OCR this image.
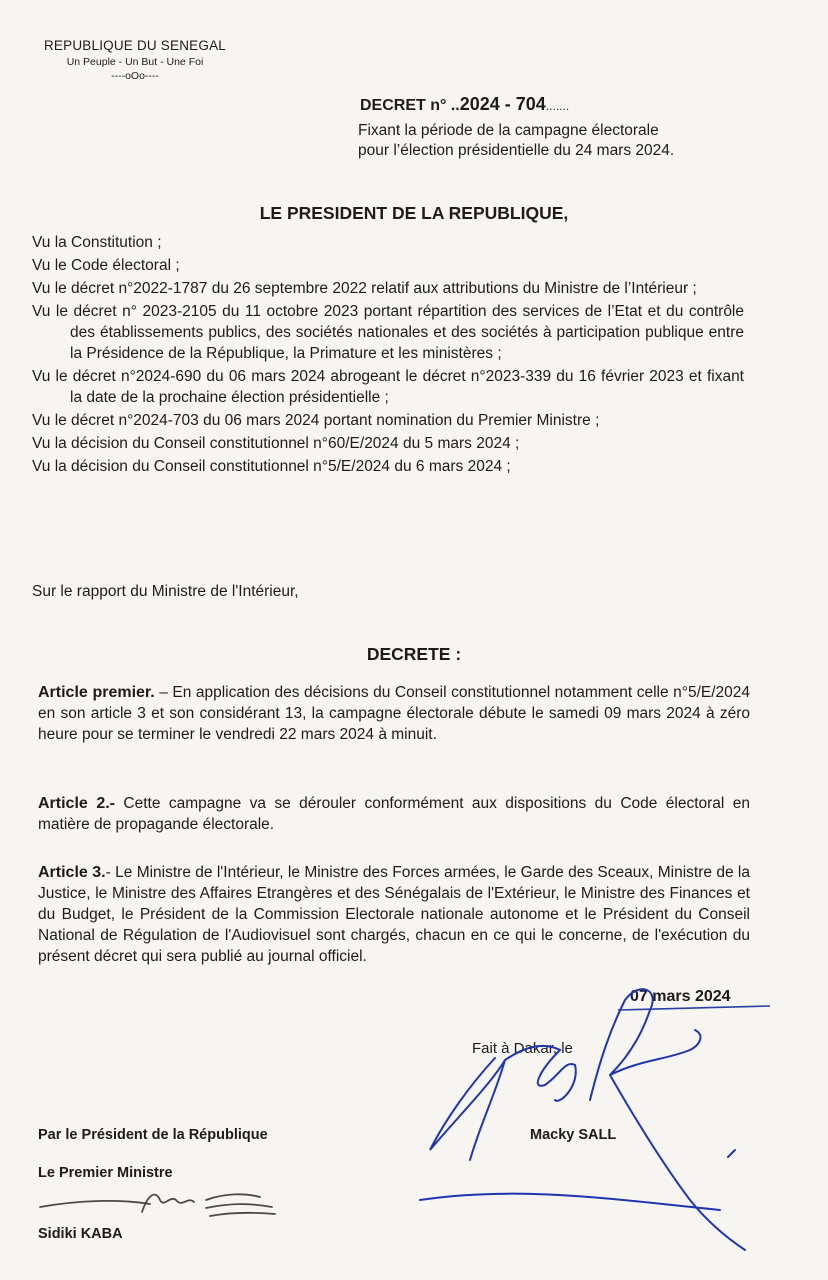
REPUBLIQUE DU SENEGAL
Un Peuple - Un But - Une Foi
----oOo----
DECRET n° ..2024 - 704.......
Fixant la période de la campagne électorale
pour l’élection présidentielle du 24 mars 2024.
LE PRESIDENT DE LA REPUBLIQUE,

Vu la Constitution ;

Vu le Code électoral ;

Vu le décret n°2022-1787 du 26 septembre 2022 relatif aux attributions du Ministre de l’Intérieur ;

Vu le décret n° 2023-2105 du 11 octobre 2023 portant répartition des services de l’Etat et du contrôle des établissements publics, des sociétés nationales et des sociétés à participation publique entre la Présidence de la République, la Primature et les ministères ;

Vu le décret n°2024-690 du 06 mars 2024 abrogeant le décret n°2023-339 du 16 février 2023 et fixant la date de la prochaine élection présidentielle ;

Vu le décret n°2024-703 du 06 mars 2024 portant nomination du Premier Ministre ;

Vu la décision du Conseil constitutionnel n°60/E/2024 du 5 mars 2024 ;

Vu la décision du Conseil constitutionnel n°5/E/2024 du 6 mars 2024 ;

Sur le rapport du Ministre de l'Intérieur,
DECRETE :

Article premier. – En application des décisions du Conseil constitutionnel notamment celle n°5/E/2024 en son article 3 et son considérant 13, la campagne électorale débute le samedi 09 mars 2024 à zéro heure pour se terminer le vendredi 22 mars 2024 à minuit.

Article 2.- Cette campagne va se dérouler conformément aux dispositions du Code électoral en matière de propagande électorale.

Article 3.- Le Ministre de l'Intérieur, le Ministre des Forces armées, le Garde des Sceaux, Ministre de la Justice, le Ministre des Affaires Etrangères et des Sénégalais de l'Extérieur, le Ministre des Finances et du Budget, le Président de la Commission Electorale nationale autonome et le Président du Conseil National de Régulation de l'Audiovisuel sont chargés, chacun en ce qui le concerne, de l'exécution du présent décret qui sera publié au journal officiel.

07 mars 2024
Fait à Dakar, le
Par le Président de la République	Macky SALL
Le Premier Ministre
Sidiki KABA
